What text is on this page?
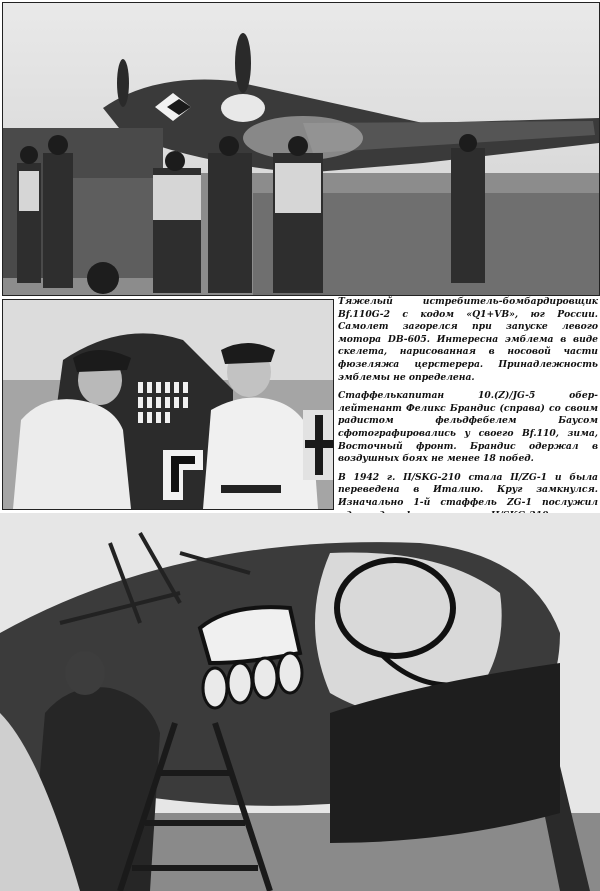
Тяжелый истребитель-бомбардировщик Bf.110G-2 с кодом «Q1+VB», юг России. Самолет загорелся при запуске левого мотора DB-605. Интересна эмблема в виде скелета, нарисованная в носовой части фюзеляжа церстерера. Принадлежность эмблемы не определена.

Стаффелькапитан 10.(Z)/JG-5 обер-лейтенант Феликс Брандис (справа) со своим радистом фельдфебелем Баусом сфотографировались у своего Bf.110, зима, Восточный фронт. Брандис одержал в воздушных боях не менее 18 побед.

В 1942 г. II/SKG-210 стала II/ZG-1 и была переведена в Италию. Круг замкнулся. Изначально 1-й стаффель ZG-1 послужил
